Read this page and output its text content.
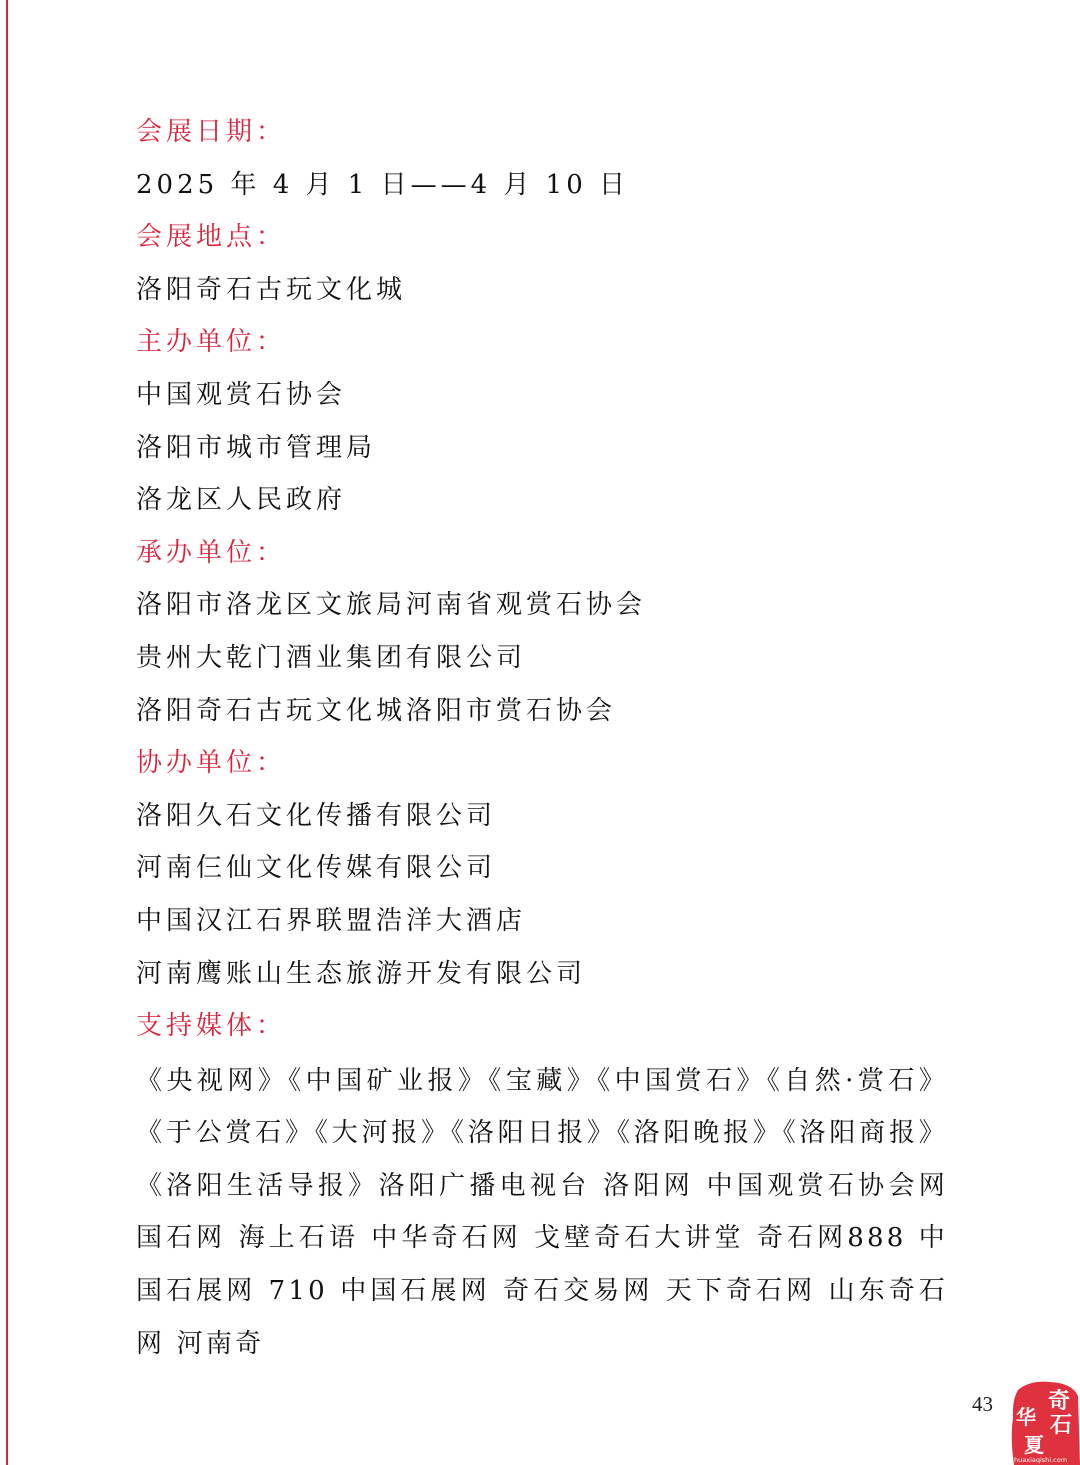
会展日期：

2025 年 4 月 1 日——4 月 10 日

会展地点：

洛阳奇石古玩文化城

主办单位：

中国观赏石协会

洛阳市城市管理局

洛龙区人民政府

承办单位：

洛阳市洛龙区文旅局河南省观赏石协会

贵州大乾门酒业集团有限公司

洛阳奇石古玩文化城洛阳市赏石协会

协办单位：

洛阳久石文化传播有限公司

河南仨仙文化传媒有限公司

中国汉江石界联盟浩洋大酒店

河南鹰账山生态旅游开发有限公司

支持媒体：

《央视网》《中国矿业报》《宝藏》《中国赏石》《自然·赏石》《于公赏石》《大河报》《洛阳日报》《洛阳晚报》《洛阳商报》《洛阳生活导报》洛阳广播电视台 洛阳网 中国观赏石协会网 国石网 海上石语 中华奇石网 戈壁奇石大讲堂 奇石网888 中国石展网 710 中国石展网 奇石交易网 天下奇石网 山东奇石网 河南奇

43	奇
华 石
夏
huaxiaqishi.com
